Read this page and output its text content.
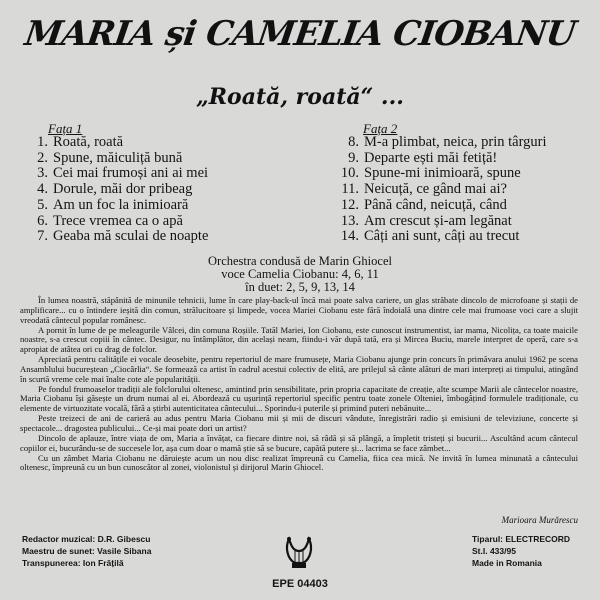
MARIA și CAMELIA CIOBANU
„Roată, roată“ ...
Fața 1
1. Roată, roată
2. Spune, măiculiță bună
3. Cei mai frumoși ani ai mei
4. Dorule, măi dor pribeag
5. Am un foc la inimioară
6. Trece vremea ca o apă
7. Geaba mă sculai de noapte
Fața 2
8. M-a plimbat, neica, prin târguri
9. Departe ești măi fetiță!
10. Spune-mi inimioară, spune
11. Neicuță, ce gând mai ai?
12. Până când, neicuță, când
13. Am crescut și-am legănat
14. Câți ani sunt, câți au trecut
Orchestra condusă de Marin Ghiocel
voce Camelia Ciobanu: 4, 6, 11
în duet: 2, 5, 9, 13, 14

În lumea noastră, stăpânită de minunile tehnicii, lume în care play-back-ul încă mai poate salva cariere, un glas străbate dincolo de microfoane și stații de amplificare... cu o întindere ieșită din comun, strălucitoare și limpede, vocea Mariei Ciobanu este fără îndoială una dintre cele mai frumoase voci care a slujit vreodată cântecul popular românesc.

A pornit în lume de pe meleagurile Vâlcei, din comuna Roșiile. Tatăl Mariei, Ion Ciobanu, este cunoscut instrumentist, iar mama, Nicolița, ca toate maicile noastre, s-a crescut copiii în cântec. Desigur, nu întâmplător, din același neam, fiindu-i văr după tată, era și Mircea Buciu, marele interpret de operă, care s-a apropiat de atâtea ori cu drag de folclor.

Apreciată pentru calitățile ei vocale deosebite, pentru repertoriul de mare frumusețe, Maria Ciobanu ajunge prin concurs în primăvara anului 1962 pe scena Ansamblului bucureștean „Ciocârlia“. Se formează ca artist în cadrul acestui colectiv de elită, are prilejul să cânte alături de mari interpreți ai timpului, atingând în scurtă vreme cele mai înalte cote ale popularității.

Pe fondul frumoaselor tradiții ale folclorului oltenesc, amintind prin sensibilitate, prin propria capacitate de creație, alte scumpe Marii ale cântecelor noastre, Maria Ciobanu își găsește un drum numai al ei. Abordează cu ușurință repertoriul specific pentru toate zonele Olteniei, îmbogățind formulele tradiționale, cu elemente de virtuozitate vocală, fără a știrbi autenticitatea cântecului... Sporindu-i puterile și primind puteri nebănuite...

Peste treizeci de ani de carieră au adus pentru Maria Ciobanu mii și mii de discuri vândute, înregistrări radio și emisiuni de televiziune, concerte și spectacole... dragostea publicului... Ce-și mai poate dori un artist?

Dincolo de aplauze, între viața de om, Maria a învățat, ca fiecare dintre noi, să râdă și să plângă, a împletit tristeți și bucurii... Ascultând acum cântecul copiilor ei, bucurându-se de succesele lor, așa cum doar o mamă știe să se bucure, capătă putere și... lacrima se face zâmbet...

Cu un zâmbet Maria Ciobanu ne dăruiește acum un nou disc realizat împreună cu Camelia, fiica cea mică. Ne invită în lumea minunată a cântecului oltenesc, împreună cu un bun cunoscător al zonei, violonistul și dirijorul Marin Ghiocel.

Marioara Murărescu
Redactor muzical: D.R. Gibescu
Maestru de sunet: Vasile Sibana
Transpunerea: Ion Frățilă
EPE 04403
Tiparul: ELECTRECORD
St.I. 433/95
Made in Romania
